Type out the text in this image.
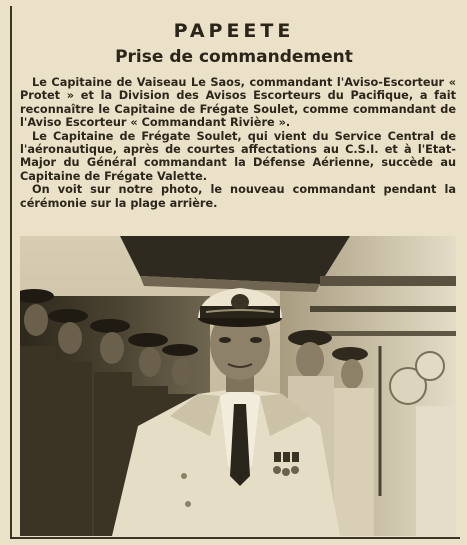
PAPEETE
Prise de commandement

Le Capitaine de Vaiseau Le Saos, commandant l'Aviso-Escorteur « Protet » et la Division des Avisos Escorteurs du Pacifique, a fait reconnaître le Capitaine de Frégate Soulet, comme commandant de l'Aviso Escorteur « Commandant Rivière ».

Le Capitaine de Frégate Soulet, qui vient du Service Central de l'aéronautique, après de courtes affectations au C.S.I. et à l'Etat-Major du Général commandant la Défense Aérienne, succède au Capitaine de Frégate Valette.

On voit sur notre photo, le nouveau commandant pendant la cérémonie sur la plage arrière.
